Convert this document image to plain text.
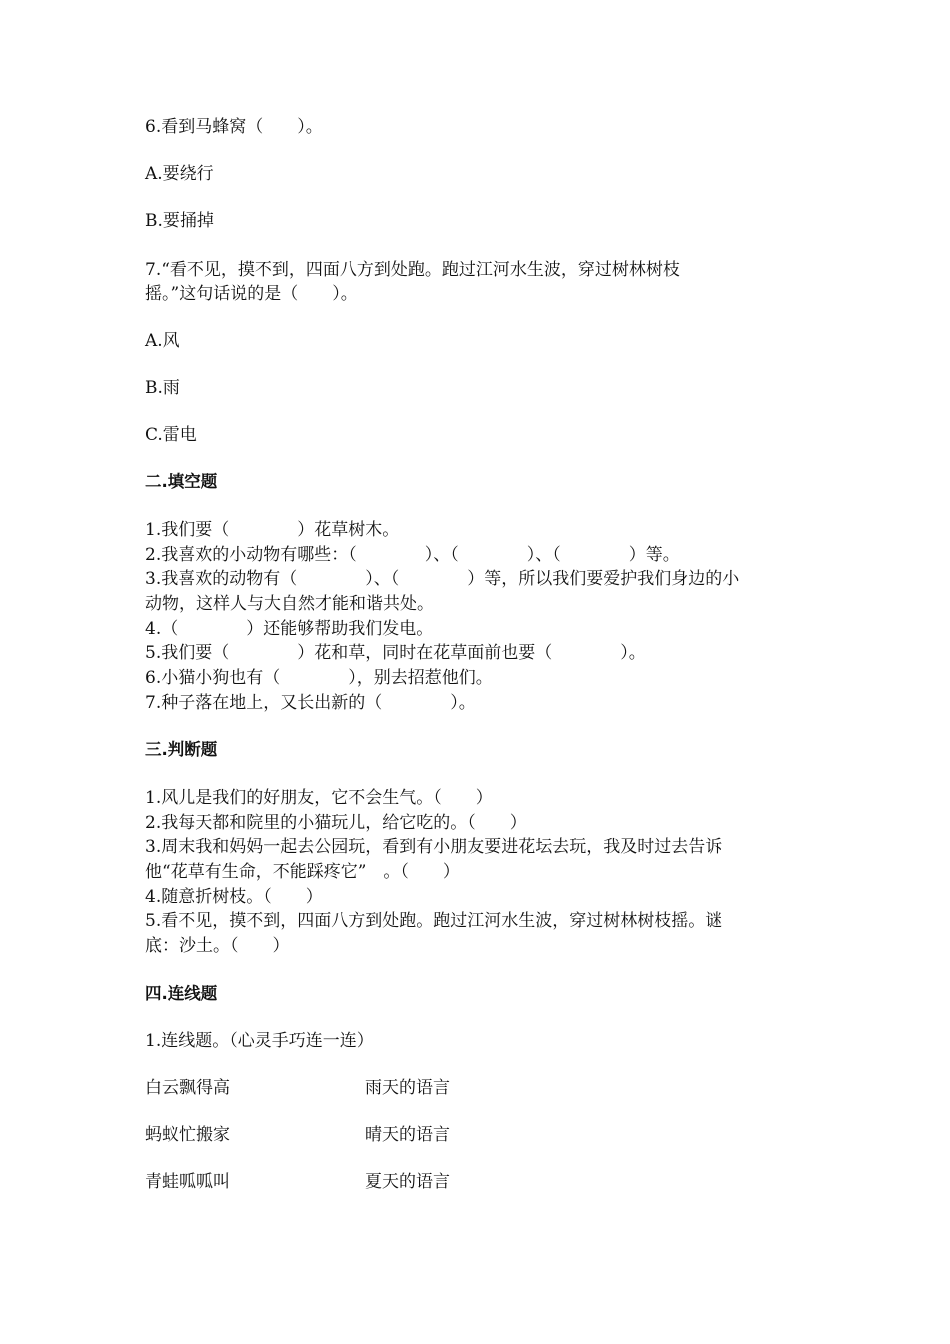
6.看到马蜂窝（　　）。
A.要绕行
B.要捅掉
7.“看不见，摸不到，四面八方到处跑。跑过江河水生波，穿过树林树枝
摇。”这句话说的是（　　）。
A.风
B.雨
C.雷电
二.填空题
1.我们要（　　　　）花草树木。
2.我喜欢的小动物有哪些：（　　　　）、（　　　　）、（　　　　）等。
3.我喜欢的动物有（　　　　）、（　　　　）等，所以我们要爱护我们身边的小
动物，这样人与大自然才能和谐共处。
4.（　　　　）还能够帮助我们发电。
5.我们要（　　　　）花和草，同时在花草面前也要（　　　　）。
6.小猫小狗也有（　　　　），别去招惹他们。
7.种子落在地上，又长出新的（　　　　）。
三.判断题
1.风儿是我们的好朋友，它不会生气。（　　）
2.我每天都和院里的小猫玩儿，给它吃的。（　　）
3.周末我和妈妈一起去公园玩，看到有小朋友要进花坛去玩，我及时过去告诉
他“花草有生命，不能踩疼它”　。（　　）
4.随意折树枝。（　　）
5.看不见，摸不到，四面八方到处跑。跑过江河水生波，穿过树林树枝摇。谜
底：沙土。（　　）
四.连线题
1.连线题。（心灵手巧连一连）
白云飘得高	雨天的语言
蚂蚁忙搬家	晴天的语言
青蛙呱呱叫	夏天的语言
